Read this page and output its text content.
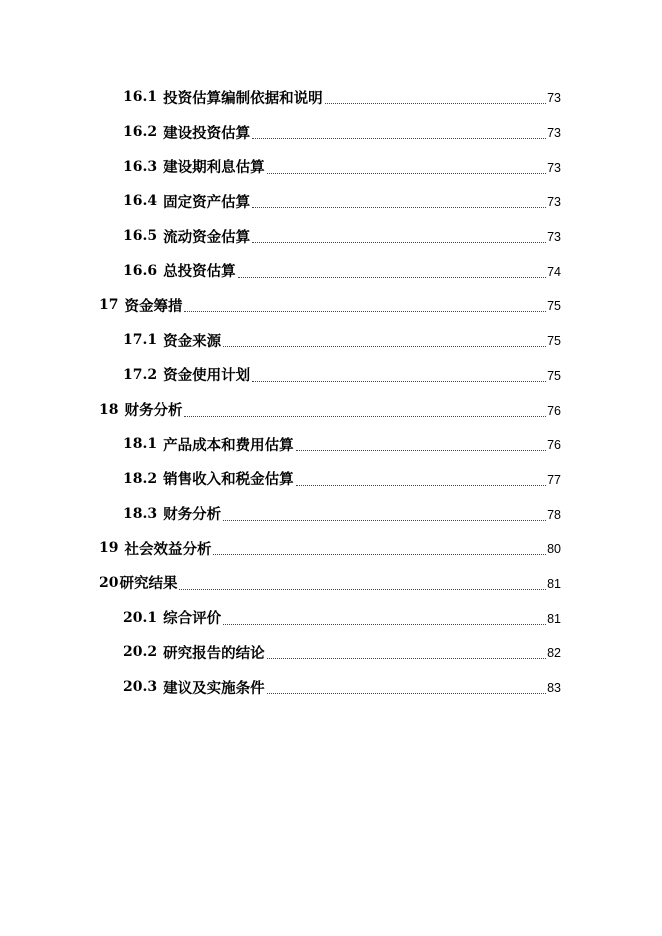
16.1 投资估算编制依据和说明	73
16.2 建设投资估算	73
16.3 建设期利息估算	73
16.4 固定资产估算	73
16.5 流动资金估算	73
16.6 总投资估算	74
17 资金筹措	75
17.1 资金来源	75
17.2 资金使用计划	75
18 财务分析	76
18.1 产品成本和费用估算	76
18.2 销售收入和税金估算	77
18.3 财务分析	78
19 社会效益分析	80
20 研究结果	81
20.1 综合评价	81
20.2 研究报告的结论	82
20.3 建议及实施条件	83
